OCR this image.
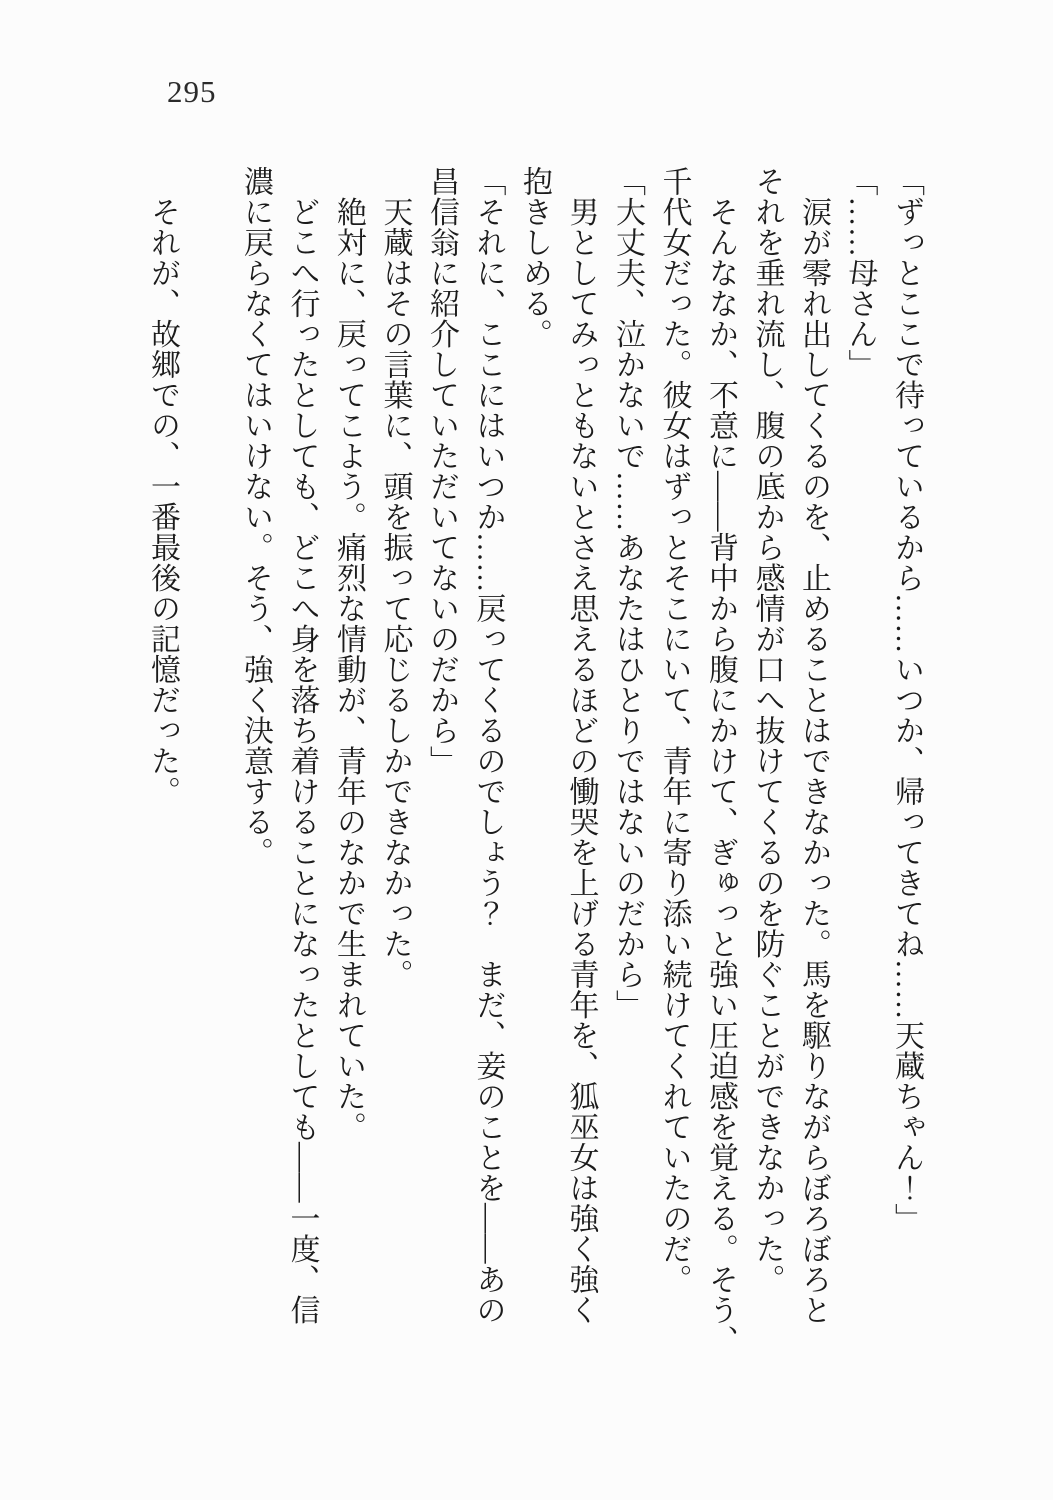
295

「ずっとここで待っているから……いつか、帰ってきてね……天蔵ちゃん！」

「……母さん」

　涙が零れ出してくるのを、止めることはできなかった。馬を駆りながらぼろぼろと

それを垂れ流し、腹の底から感情が口へ抜けてくるのを防ぐことができなかった。

　そんななか、不意に――背中から腹にかけて、ぎゅっと強い圧迫感を覚える。そう、

千代女だった。彼女はずっとそこにいて、青年に寄り添い続けてくれていたのだ。

「大丈夫、泣かないで……あなたはひとりではないのだから」

　男としてみっともないとさえ思えるほどの慟哭を上げる青年を、狐巫女は強く強く

抱きしめる。

「それに、ここにはいつか……戻ってくるのでしょう？　まだ、妾のことを――あの

昌信翁に紹介していただいてないのだから」

　天蔵はその言葉に、頭を振って応じるしかできなかった。

　絶対に、戻ってこよう。痛烈な情動が、青年のなかで生まれていた。

　どこへ行ったとしても、どこへ身を落ち着けることになったとしても――一度、信

濃に戻らなくてはいけない。そう、強く決意する。

　それが、故郷での、一番最後の記憶だった。
